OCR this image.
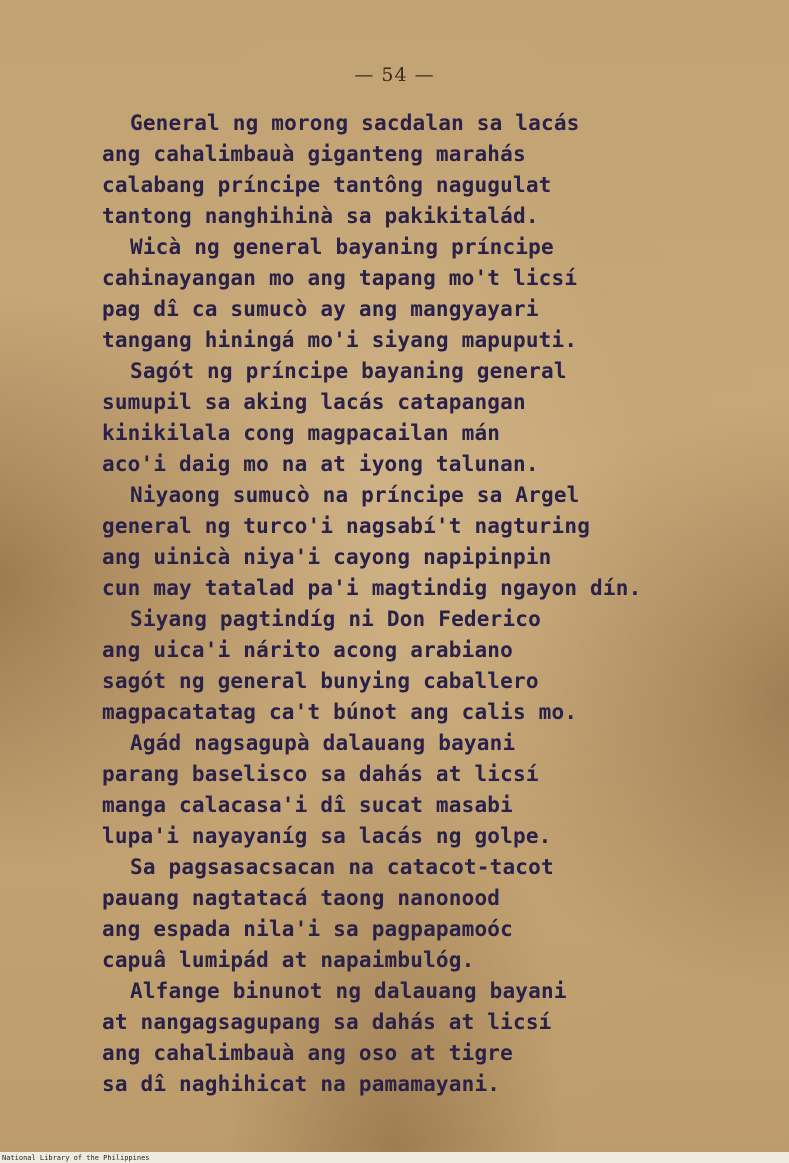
— 54 —
General ng morong sacdalan sa lacás
ang cahalimbauà giganteng marahás
calabang príncipe tantông nagugulat
tantong nanghihinà sa pakikitalád.
Wicà ng general bayaning príncipe
cahinayangan mo ang tapang mo't licsí
pag dî ca sumucò ay ang mangyayari
tangang hiningá mo'i siyang mapuputi.
Sagót ng príncipe bayaning general
sumupil sa aking lacás catapangan
kinikilala cong magpacailan mán
aco'i daig mo na at iyong talunan.
Niyaong sumucò na príncipe sa Argel
general ng turco'i nagsabí't nagturing
ang uinicà niya'i cayong napipinpin
cun may tatalad pa'i magtindig ngayon dín.
Siyang pagtindíg ni Don Federico
ang uica'i nárito acong arabiano
sagót ng general bunying caballero
magpacatatag ca't búnot ang calis mo.
Agád nagsagupà dalauang bayani
parang baselisco sa dahás at licsí
manga calacasa'i dî sucat masabi
lupa'i nayayaníg sa lacás ng golpe.
Sa pagsasacsacan na catacot-tacot
pauang nagtatacá taong nanonood
ang espada nila'i sa pagpapamoóc
capuâ lumipád at napaimbulóg.
Alfange binunot ng dalauang bayani
at nangagsagupang sa dahás at licsí
ang cahalimbauà ang oso at tigre
sa dî naghihicat na pamamayani.
National Library of the Philippines
